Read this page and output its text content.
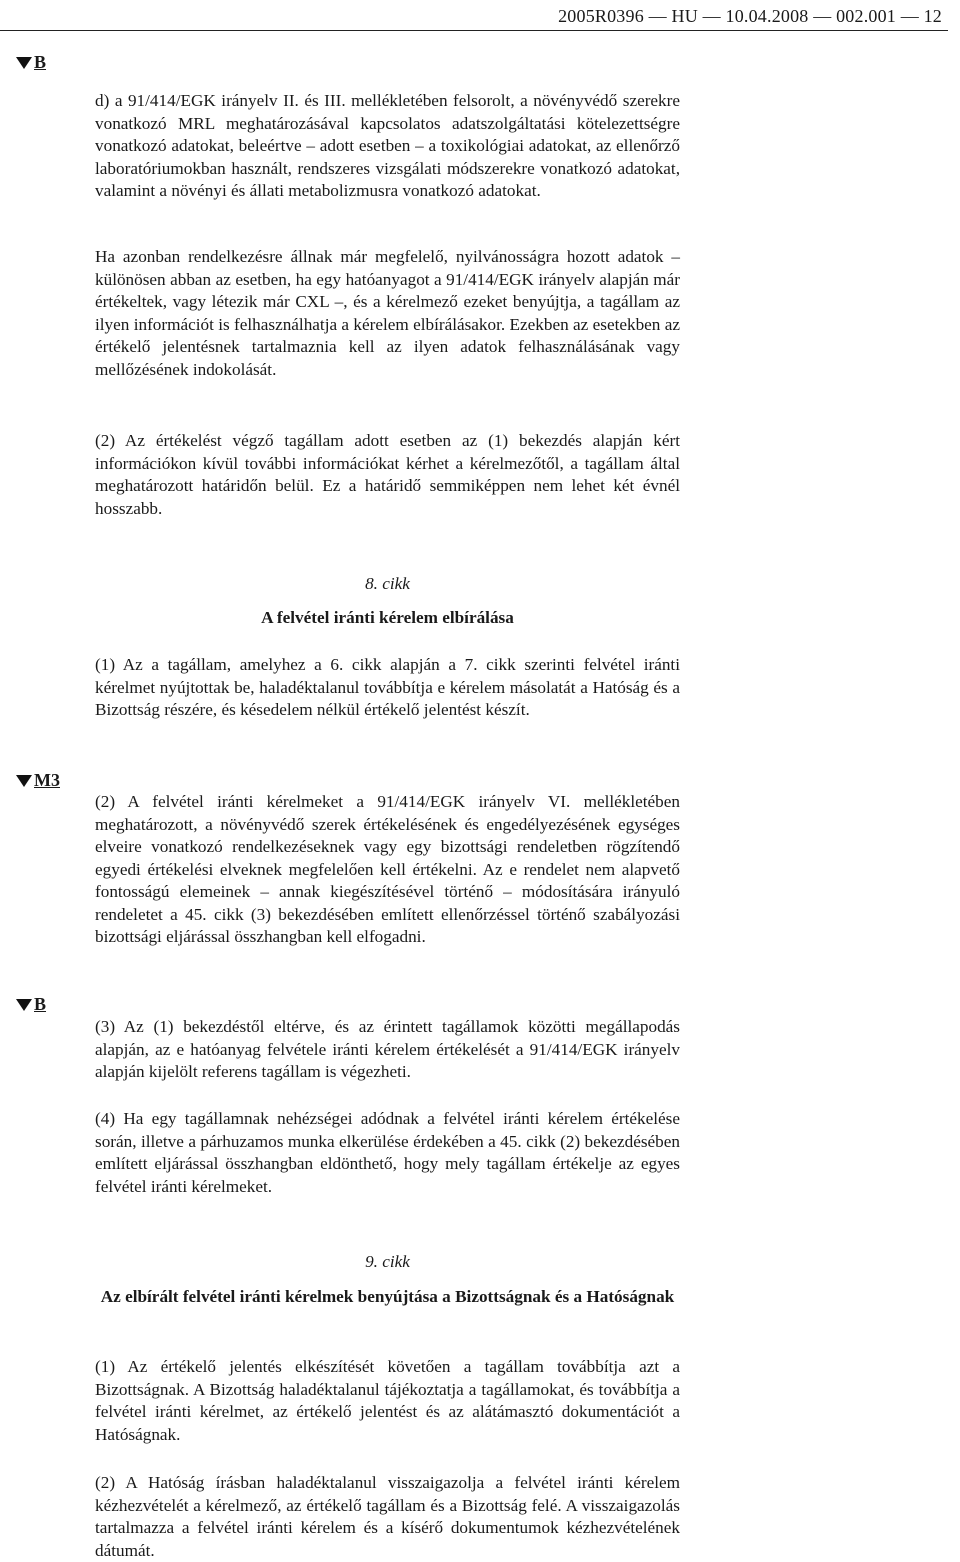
2005R0396 — HU — 10.04.2008 — 002.001 — 12
B
d) a 91/414/EGK irányelv II. és III. mellékletében felsorolt, a növényvédő szerekre vonatkozó MRL meghatározásával kapcsolatos adatszolgáltatási kötelezettségre vonatkozó adatokat, beleértve – adott esetben – a toxikológiai adatokat, az ellenőrző laboratóriumokban használt, rendszeres vizsgálati módszerekre vonatkozó adatokat, valamint a növényi és állati metabolizmusra vonatkozó adatokat.
Ha azonban rendelkezésre állnak már megfelelő, nyilvánosságra hozott adatok – különösen abban az esetben, ha egy hatóanyagot a 91/414/EGK irányelv alapján már értékeltek, vagy létezik már CXL –, és a kérelmező ezeket benyújtja, a tagállam az ilyen információt is felhasználhatja a kérelem elbírálásakor. Ezekben az esetekben az értékelő jelentésnek tartalmaznia kell az ilyen adatok felhasználásának vagy mellőzésének indokolását.
(2) Az értékelést végző tagállam adott esetben az (1) bekezdés alapján kért információkon kívül további információkat kérhet a kérelmezőtől, a tagállam által meghatározott határidőn belül. Ez a határidő semmiképpen nem lehet két évnél hosszabb.
8. cikk
A felvétel iránti kérelem elbírálása
(1) Az a tagállam, amelyhez a 6. cikk alapján a 7. cikk szerinti felvétel iránti kérelmet nyújtottak be, haladéktalanul továbbítja e kérelem másolatát a Hatóság és a Bizottság részére, és késedelem nélkül értékelő jelentést készít.
M3
(2) A felvétel iránti kérelmeket a 91/414/EGK irányelv VI. mellékletében meghatározott, a növényvédő szerek értékelésének és engedélyezésének egységes elveire vonatkozó rendelkezéseknek vagy egy bizottsági rendeletben rögzítendő egyedi értékelési elveknek megfelelően kell értékelni. Az e rendelet nem alapvető fontosságú elemeinek – annak kiegészítésével történő – módosítására irányuló rendeletet a 45. cikk (3) bekezdésében említett ellenőrzéssel történő szabályozási bizottsági eljárással összhangban kell elfogadni.
B
(3) Az (1) bekezdéstől eltérve, és az érintett tagállamok közötti megállapodás alapján, az e hatóanyag felvétele iránti kérelem értékelését a 91/414/EGK irányelv alapján kijelölt referens tagállam is végezheti.
(4) Ha egy tagállamnak nehézségei adódnak a felvétel iránti kérelem értékelése során, illetve a párhuzamos munka elkerülése érdekében a 45. cikk (2) bekezdésében említett eljárással összhangban eldönthető, hogy mely tagállam értékelje az egyes felvétel iránti kérelmeket.
9. cikk
Az elbírált felvétel iránti kérelmek benyújtása a Bizottságnak és a Hatóságnak
(1) Az értékelő jelentés elkészítését követően a tagállam továbbítja azt a Bizottságnak. A Bizottság haladéktalanul tájékoztatja a tagállamokat, és továbbítja a felvétel iránti kérelmet, az értékelő jelentést és az alátámasztó dokumentációt a Hatóságnak.
(2) A Hatóság írásban haladéktalanul visszaigazolja a felvétel iránti kérelem kézhezvételét a kérelmező, az értékelő tagállam és a Bizottság felé. A visszaigazolás tartalmazza a felvétel iránti kérelem és a kísérő dokumentumok kézhezvételének dátumát.
